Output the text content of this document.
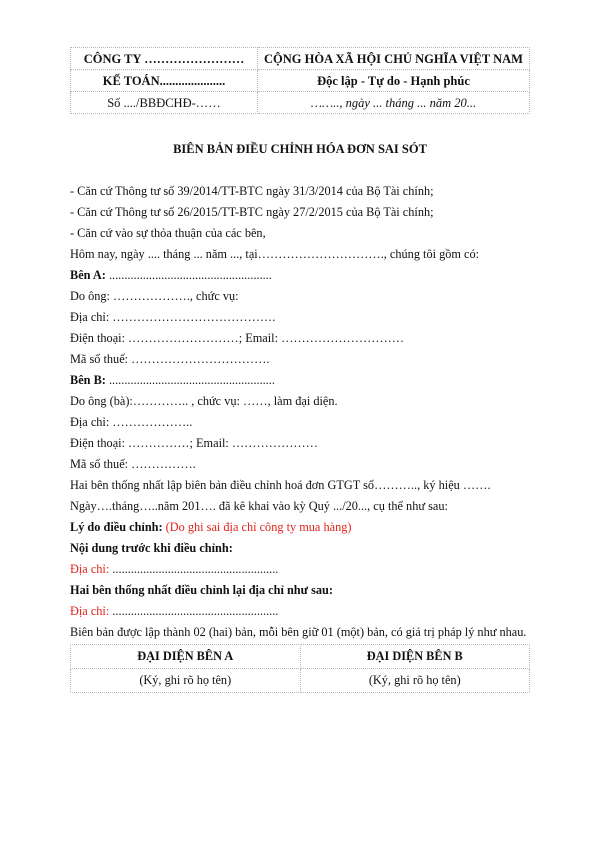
CÔNG TY ……………………	CỘNG HÒA XÃ HỘI CHỦ NGHĨA VIỆT NAM
KẾ TOÁN.....................	Độc lập - Tự do - Hạnh phúc
Số ..../BBĐCHĐ-……	…….., ngày ... tháng ... năm 20...
BIÊN BẢN ĐIỀU CHỈNH HÓA ĐƠN SAI SÓT
- Căn cứ Thông tư số 39/2014/TT-BTC ngày 31/3/2014 của Bộ Tài chính;
- Căn cứ Thông tư số 26/2015/TT-BTC ngày 27/2/2015 của Bộ Tài chính;
- Căn cứ vào sự thỏa thuận của các bên,
Hôm nay, ngày .... tháng ... năm ..., tại…………………………., chúng tôi gồm có:
Bên A: .....................................................
Do ông: ………………., chức vụ:
Địa chỉ: ………………………………….
Điện thoại: ………………………; Email: …………………………
Mã số thuế: …………………………….
Bên B: ......................................................
Do ông (bà):………….. , chức vụ: ……, làm đại diện.
Địa chỉ: ………………..
Điện thoại: ……………; Email: …………………
Mã số thuế: …………….
Hai bên thống nhất lập biên bản điều chỉnh hoá đơn GTGT số……….., ký hiệu …….
Ngày….tháng…..năm 201…. đã kê khai vào kỳ Quý .../20..., cụ thể như sau:
Lý do điều chỉnh: (Do ghi sai địa chỉ công ty mua hàng)
Nội dung trước khi điều chỉnh:
Địa chỉ: ......................................................
Hai bên thống nhất điều chỉnh lại địa chỉ như sau:
Địa chỉ: ......................................................
Biên bản được lập thành 02 (hai) bản, mỗi bên giữ 01 (một) bản, có giá trị pháp lý như nhau.
ĐẠI DIỆN BÊN A	ĐẠI DIỆN BÊN B
(Ký, ghi rõ họ tên)	(Ký, ghi rõ họ tên)
